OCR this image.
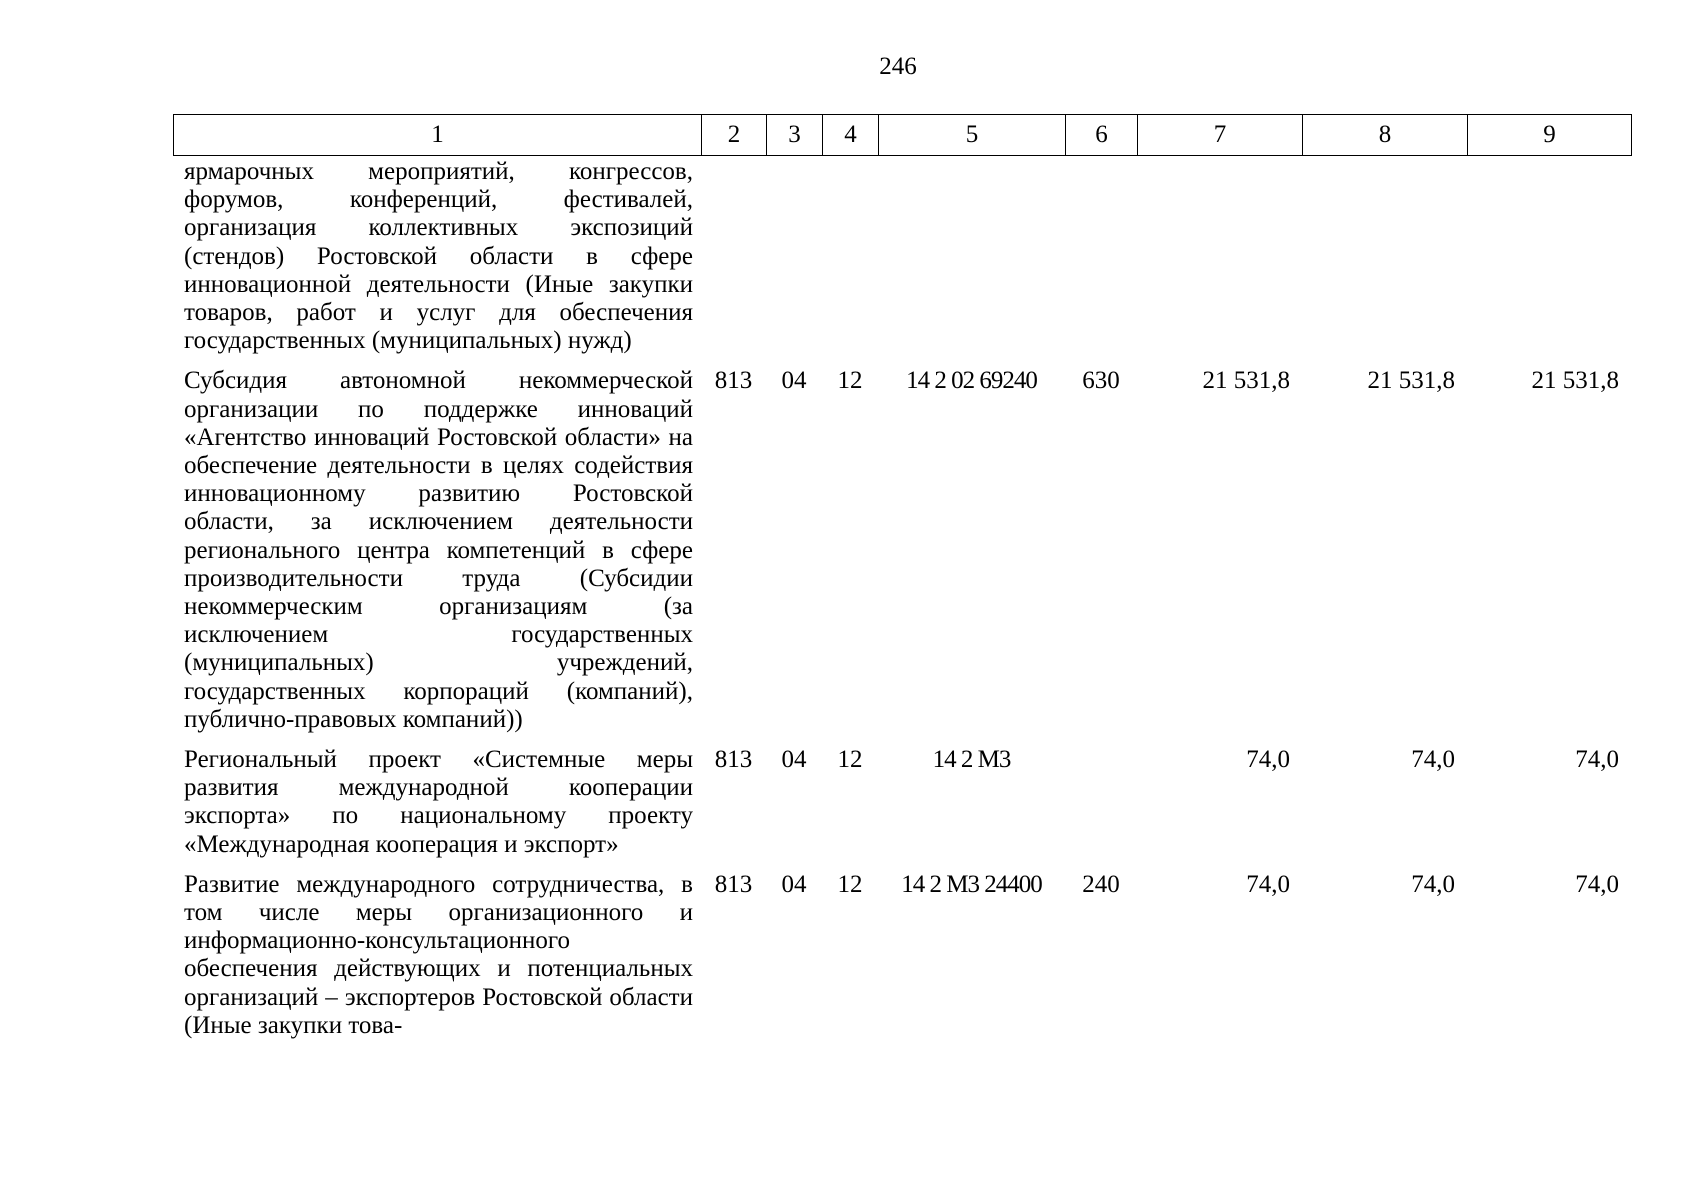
246
1	2	3	4	5	6	7	8	9
ярмарочных мероприятий, конгрессов, форумов, конференций, фестивалей, организация коллективных экспозиций (стендов) Ростовской области в сфере инновационной деятельности (Иные закупки товаров, работ и услуг для обеспечения государственных (муниципальных) нужд)								
Субсидия автономной некоммерческой организации по поддержке инноваций «Агентство инноваций Ростовской области» на обеспечение деятельности в целях содействия инновационному развитию Ростовской области, за исключением деятельности регионального центра компетенций в сфере производительности труда (Субсидии некоммерческим организациям (за исключением государственных (муниципальных) учреждений, государственных корпораций (компаний), публично-правовых компаний))	813	04	12	14 2 02 69240	630	21 531,8	21 531,8	21 531,8
Региональный проект «Системные меры развития международной кооперации экспорта» по национальному проекту «Международная кооперация и экспорт»	813	04	12	14 2 M3		74,0	74,0	74,0
Развитие международного сотрудничества, в том числе меры организационного и информационно-консультационного обеспечения действующих и потенциальных организаций – экспортеров Ростовской области (Иные закупки това-	813	04	12	14 2 M3 24400	240	74,0	74,0	74,0
